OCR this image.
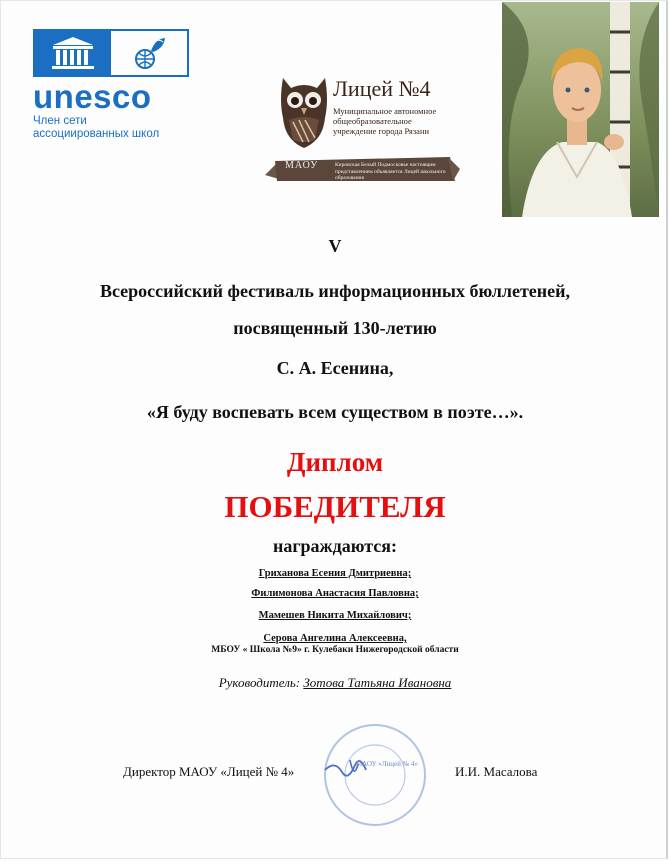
unesco
Член сети
ассоциированных школ
Лицей №4
Муниципальное автономное общеобразовательное учреждение города Рязани
МАОУ	Кировская Белый Подмосковье настоящим представлением объявляется Лицей школьного образования
V
Всероссийский фестиваль информационных бюллетеней,
посвященный 130-летию
С. А. Есенина,
«Я буду воспевать всем существом в поэте…».
Диплом
ПОБЕДИТЕЛЯ
награждаются:
Гриханова Есения Дмитриевна;
Филимонова Анастасия Павловна;
Мамешев Никита Михайлович;
Серова Ангелина Алексеевна,
МБОУ « Школа №9» г. Кулебаки Нижегородской области
Руководитель: Зотова Татьяна Ивановна
Директор МАОУ «Лицей № 4»	МАОУ «Лицей № 4»	И.И. Масалова
